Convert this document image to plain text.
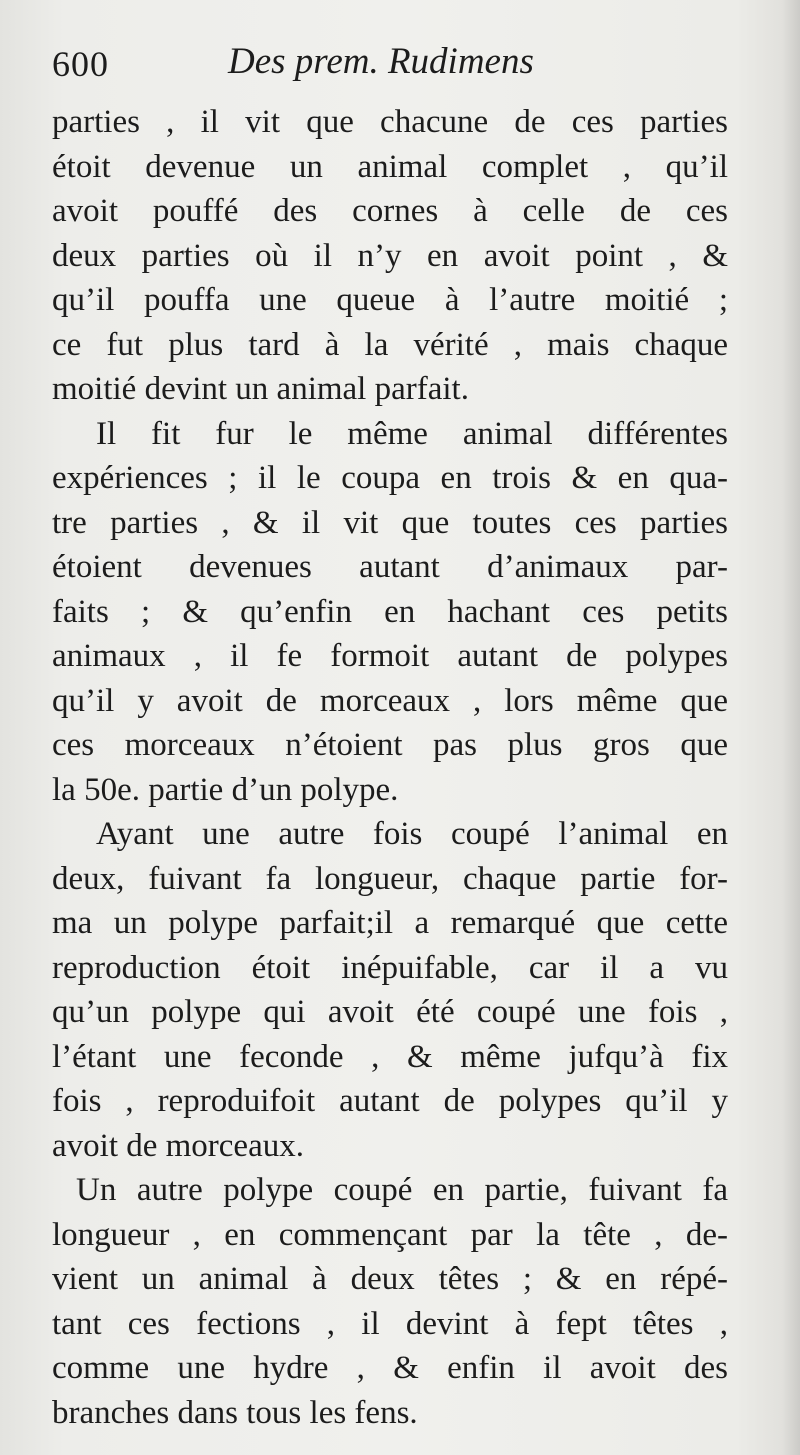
600	Des prem. Rudimens
parties , il vit que chacune de ces parties
étoit devenue un animal complet , qu’il
avoit pouffé des cornes à celle de ces
deux parties où il n’y en avoit point , &
qu’il pouffa une queue à l’autre moitié ;
ce fut plus tard à la vérité , mais chaque
moitié devint un animal parfait.
Il fit fur le même animal différentes
expériences ; il le coupa en trois & en qua-
tre parties , & il vit que toutes ces parties
étoient devenues autant d’animaux par-
faits ; & qu’enfin en hachant ces petits
animaux , il fe formoit autant de polypes
qu’il y avoit de morceaux , lors même que
ces morceaux n’étoient pas plus gros que
la 50e. partie d’un polype.
Ayant une autre fois coupé l’animal en
deux, fuivant fa longueur, chaque partie for-
ma un polype parfait;il a remarqué que cette
reproduction étoit inépuifable, car il a vu
qu’un polype qui avoit été coupé une fois ,
l’étant une feconde , & même jufqu’à fix
fois , reproduifoit autant de polypes qu’il y
avoit de morceaux.
Un autre polype coupé en partie, fuivant fa
longueur , en commençant par la tête , de-
vient un animal à deux têtes ; & en répé-
tant ces fections , il devint à fept têtes ,
comme une hydre , & enfin il avoit des
branches dans tous les fens.
